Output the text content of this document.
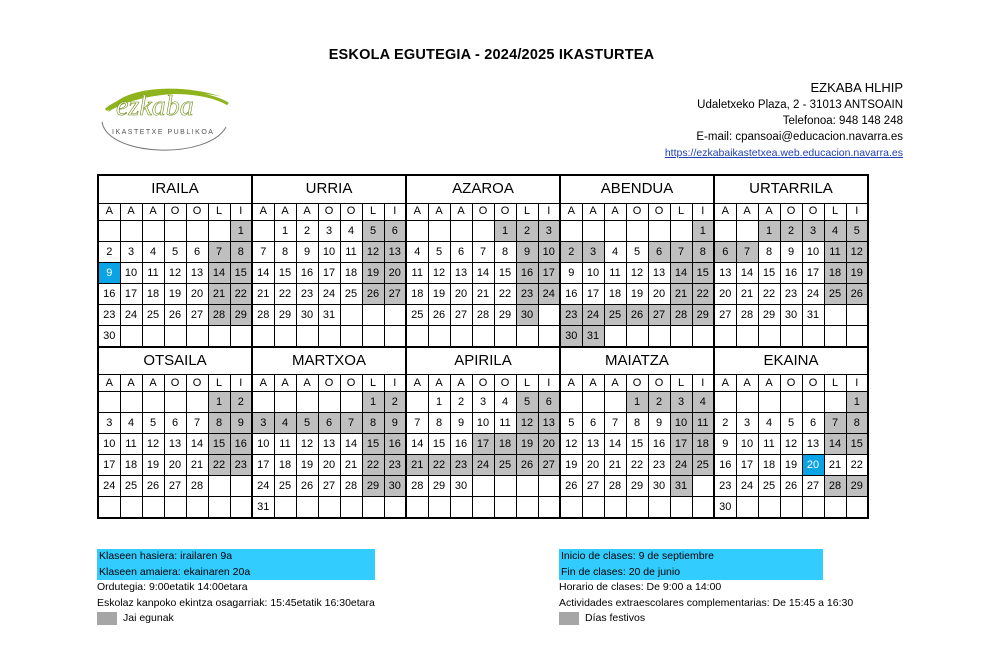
ESKOLA EGUTEGIA - 2024/2025 IKASTURTEA
ezkaba
IKASTETXE PUBLIKOA
EZKABA HLHIP
Udaletxeko Plaza, 2 - 31013 ANTSOAIN
Telefonoa: 948 148 248
E-mail: cpansoai@educacion.navarra.es
https://ezkabaikastetxea.web.educacion.navarra.es
IRAILA							URRIA							AZAROA							ABENDUA							URTARRILA						
A	A	A	O	O	L	I	A	A	A	O	O	L	I	A	A	A	O	O	L	I	A	A	A	O	O	L	I	A	A	A	O	O	L	I
						1		1	2	3	4	5	6					1	2	3							1			1	2	3	4	5
2	3	4	5	6	7	8	7	8	9	10	11	12	13	4	5	6	7	8	9	10	2	3	4	5	6	7	8	6	7	8	9	10	11	12
9	10	11	12	13	14	15	14	15	16	17	18	19	20	11	12	13	14	15	16	17	9	10	11	12	13	14	15	13	14	15	16	17	18	19
16	17	18	19	20	21	22	21	22	23	24	25	26	27	18	19	20	21	22	23	24	16	17	18	19	20	21	22	20	21	22	23	24	25	26
23	24	25	26	27	28	29	28	29	30	31				25	26	27	28	29	30		23	24	25	26	27	28	29	27	28	29	30	31		
30																					30	31												
OTSAILA							MARTXOA							APIRILA							MAIATZA							EKAINA						
A	A	A	O	O	L	I	A	A	A	O	O	L	I	A	A	A	O	O	L	I	A	A	A	O	O	L	I	A	A	A	O	O	L	I
					1	2						1	2		1	2	3	4	5	6				1	2	3	4							1
3	4	5	6	7	8	9	3	4	5	6	7	8	9	7	8	9	10	11	12	13	5	6	7	8	9	10	11	2	3	4	5	6	7	8
10	11	12	13	14	15	16	10	11	12	13	14	15	16	14	15	16	17	18	19	20	12	13	14	15	16	17	18	9	10	11	12	13	14	15
17	18	19	20	21	22	23	17	18	19	20	21	22	23	21	22	23	24	25	26	27	19	20	21	22	23	24	25	16	17	18	19	20	21	22
24	25	26	27	28			24	25	26	27	28	29	30	28	29	30					26	27	28	29	30	31		23	24	25	26	27	28	29
							31																					30						
Klaseen hasiera: irailaren 9a
Klaseen amaiera: ekainaren 20a
Ordutegia: 9:00etatik 14:00etara
Eskolaz kanpoko ekintza osagarriak: 15:45etatik 16:30etara
Jai egunak
Inicio de clases: 9 de septiembre
Fin de clases: 20 de junio
Horario de clases: De 9:00 a 14:00
Actividades extraescolares complementarias: De 15:45 a 16:30
Días festivos
